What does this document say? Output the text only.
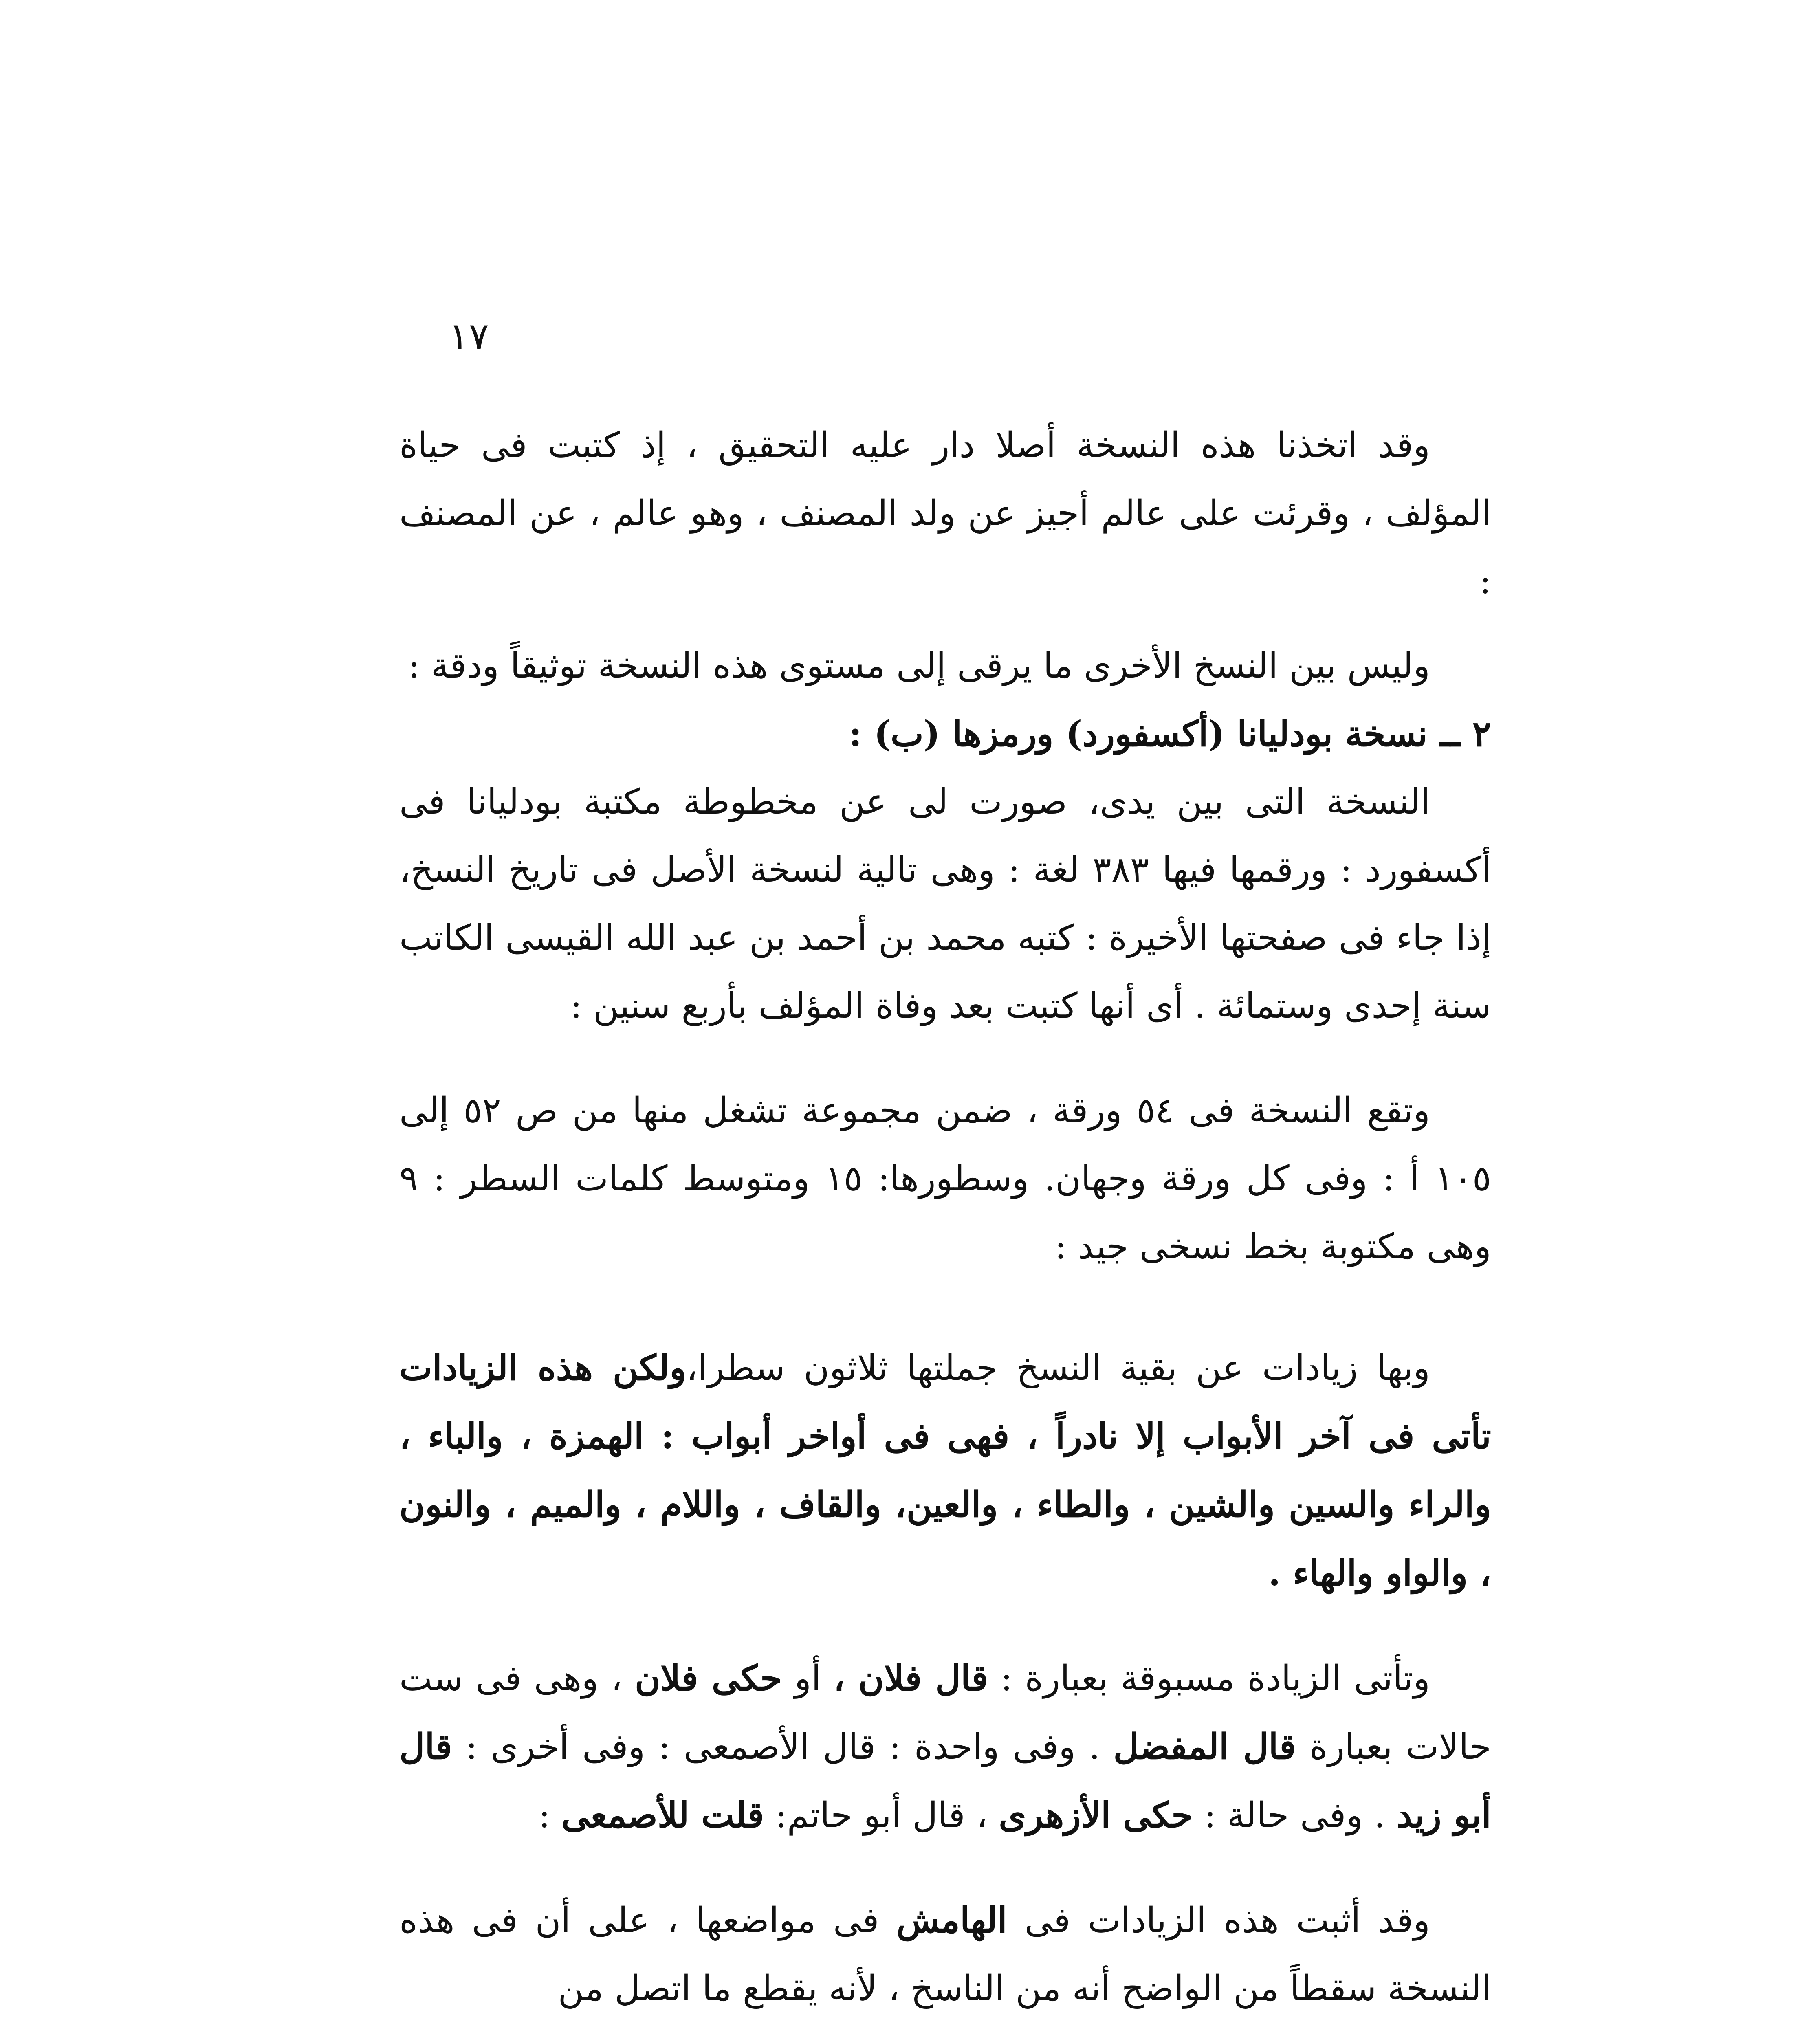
١٧

وقد اتخذنا هذه النسخة أصلا دار عليه التحقيق ، إذ كتبت فى حياة المؤلف ، وقرئت على عالم أجيز عن ولد المصنف ، وهو عالم ، عن المصنف :

وليس بين النسخ الأخرى ما يرقى إلى مستوى هذه النسخة توثيقاً ودقة :

٢ ــ نسخة بودليانا (أكسفورد) ورمزها (ب) :

النسخة التى بين يدى، صورت لى عن مخطوطة مكتبة بودليانا فى أكسفورد : ورقمها فيها ٣٨٣ لغة : وهى تالية لنسخة الأصل فى تاريخ النسخ، إذا جاء فى صفحتها الأخيرة : كتبه محمد بن أحمد بن عبد الله القيسى الكاتب سنة إحدى وستمائة . أى أنها كتبت بعد وفاة المؤلف بأربع سنين :

وتقع النسخة فى ٥٤ ورقة ، ضمن مجموعة تشغل منها من ص ٥٢ إلى ١٠٥ أ : وفى كل ورقة وجهان. وسطورها: ١٥ ومتوسط كلمات السطر : ٩ وهى مكتوبة بخط نسخى جيد :

وبها زيادات عن بقية النسخ جملتها ثلاثون سطرا،ولكن هذه الزيادات تأتى فى آخر الأبواب إلا نادراً ، فهى فى أواخر أبواب : الهمزة ، والباء ، والراء والسين والشين ، والطاء ، والعين، والقاف ، واللام ، والميم ، والنون ، والواو والهاء .

وتأتى الزيادة مسبوقة بعبارة : قال فلان ، أو حكى فلان ، وهى فى ست حالات بعبارة قال المفضل . وفى واحدة : قال الأصمعى : وفى أخرى : قال أبو زيد . وفى حالة : حكى الأزهرى ، قال أبو حاتم: قلت للأصمعى :

وقد أثبت هذه الزيادات فى الهامش فى مواضعها ، على أن فى هذه النسخة سقطاً من الواضح أنه من الناسخ ، لأنه يقطع ما اتصل من
